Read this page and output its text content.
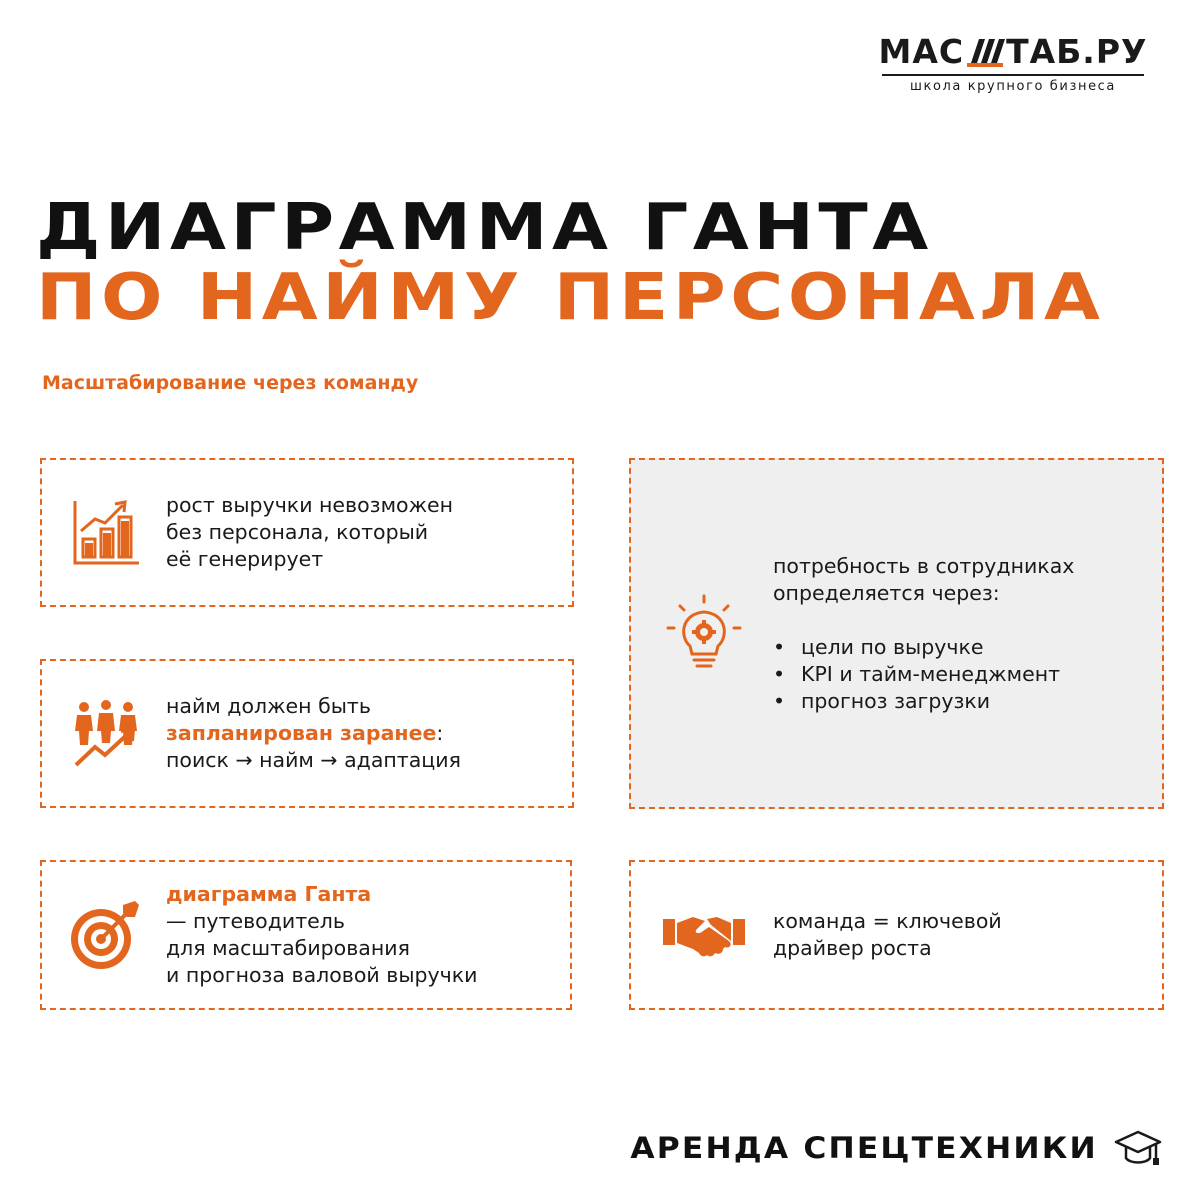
МАС ТАБ.РУ
школа крупного бизнеса
ДИАГРАММА ГАНТА
ПО НАЙМУ ПЕРСОНАЛА
Масштабирование через команду
рост выручки невозможен
без персонала, который
её генерирует
найм должен быть
запланирован заранее:
поиск → найм → адаптация
диаграмма Ганта
— путеводитель
для масштабирования
и прогноза валовой выручки
потребность в сотрудниках
определяется через:
• цели по выручке
• KPI и тайм-менеджмент
• прогноз загрузки
команда = ключевой
драйвер роста
АРЕНДА СПЕЦТЕХНИКИ
